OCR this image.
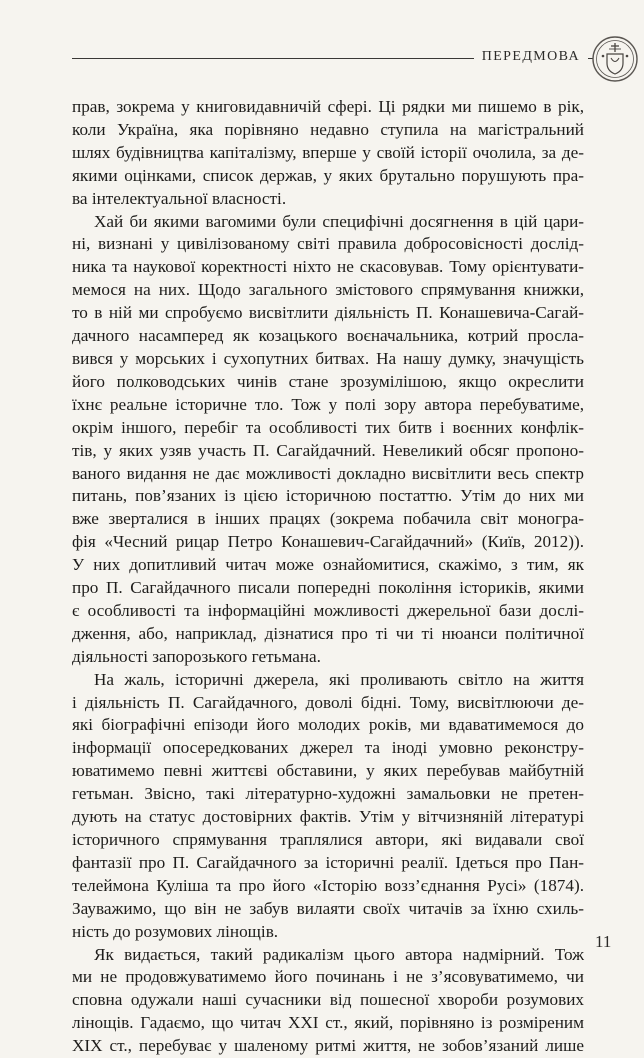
ПЕРЕДМОВА

прав, зокрема у книговидавничій сфері. Ці рядки ми пишемо в рік,
коли Україна, яка порівняно недавно ступила на магістральний
шлях будівництва капіталізму, вперше у своїй історії очолила, за де-
якими оцінками, список держав, у яких брутально порушують пра-
ва інтелектуальної власності.

Хай би якими вагомими були специфічні досягнення в цій цари-
ні, визнані у цивілізованому світі правила добросовісності дослід-
ника та наукової коректності ніхто не скасовував. Тому орієнтувати-
мемося на них. Щодо загального змістового спрямування книжки,
то в ній ми спробуємо висвітлити діяльність П. Конашевича-Сагай-
дачного насамперед як козацького воєначальника, котрий просла-
вився у морських і сухопутних битвах. На нашу думку, значущість
його полководських чинів стане зрозумілішою, якщо окреслити
їхнє реальне історичне тло. Тож у полі зору автора перебуватиме,
окрім іншого, перебіг та особливості тих битв і воєнних конфлік-
тів, у яких узяв участь П. Сагайдачний. Невеликий обсяг пропоно-
ваного видання не дає можливості докладно висвітлити весь спектр
питань, пов’язаних із цією історичною постаттю. Утім до них ми
вже зверталися в інших працях (зокрема побачила світ моногра-
фія «Чесний рицар Петро Конашевич-Сагайдачний» (Київ, 2012)).
У них допитливий читач може ознайомитися, скажімо, з тим, як
про П. Сагайдачного писали попередні покоління істориків, якими
є особливості та інформаційні можливості джерельної бази дослі-
дження, або, наприклад, дізнатися про ті чи ті нюанси політичної
діяльності запорозького гетьмана.

На жаль, історичні джерела, які проливають світло на життя
і діяльність П. Сагайдачного, доволі бідні. Тому, висвітлюючи де-
які біографічні епізоди його молодих років, ми вдаватимемося до
інформації опосередкованих джерел та іноді умовно реконстру-
юватимемо певні життєві обставини, у яких перебував майбутній
гетьман. Звісно, такі літературно-художні замальовки не претен-
дують на статус достовірних фактів. Утім у вітчизняній літературі
історичного спрямування траплялися автори, які видавали свої
фантазії про П. Сагайдачного за історичні реалії. Ідеться про Пан-
телеймона Куліша та про його «Історію возз’єднання Русі» (1874).
Зауважимо, що він не забув вилаяти своїх читачів за їхню схиль-
ність до розумових лінощів.

Як видається, такий радикалізм цього автора надмірний. Тож
ми не продовжуватимемо його починань і не з’ясовуватимемо, чи
сповна одужали наші сучасники від пошесної хвороби розумових
лінощів. Гадаємо, що читач XXI ст., який, порівняно із розміреним
XIX ст., перебуває у шаленому ритмі життя, не зобов’язаний лише

11
